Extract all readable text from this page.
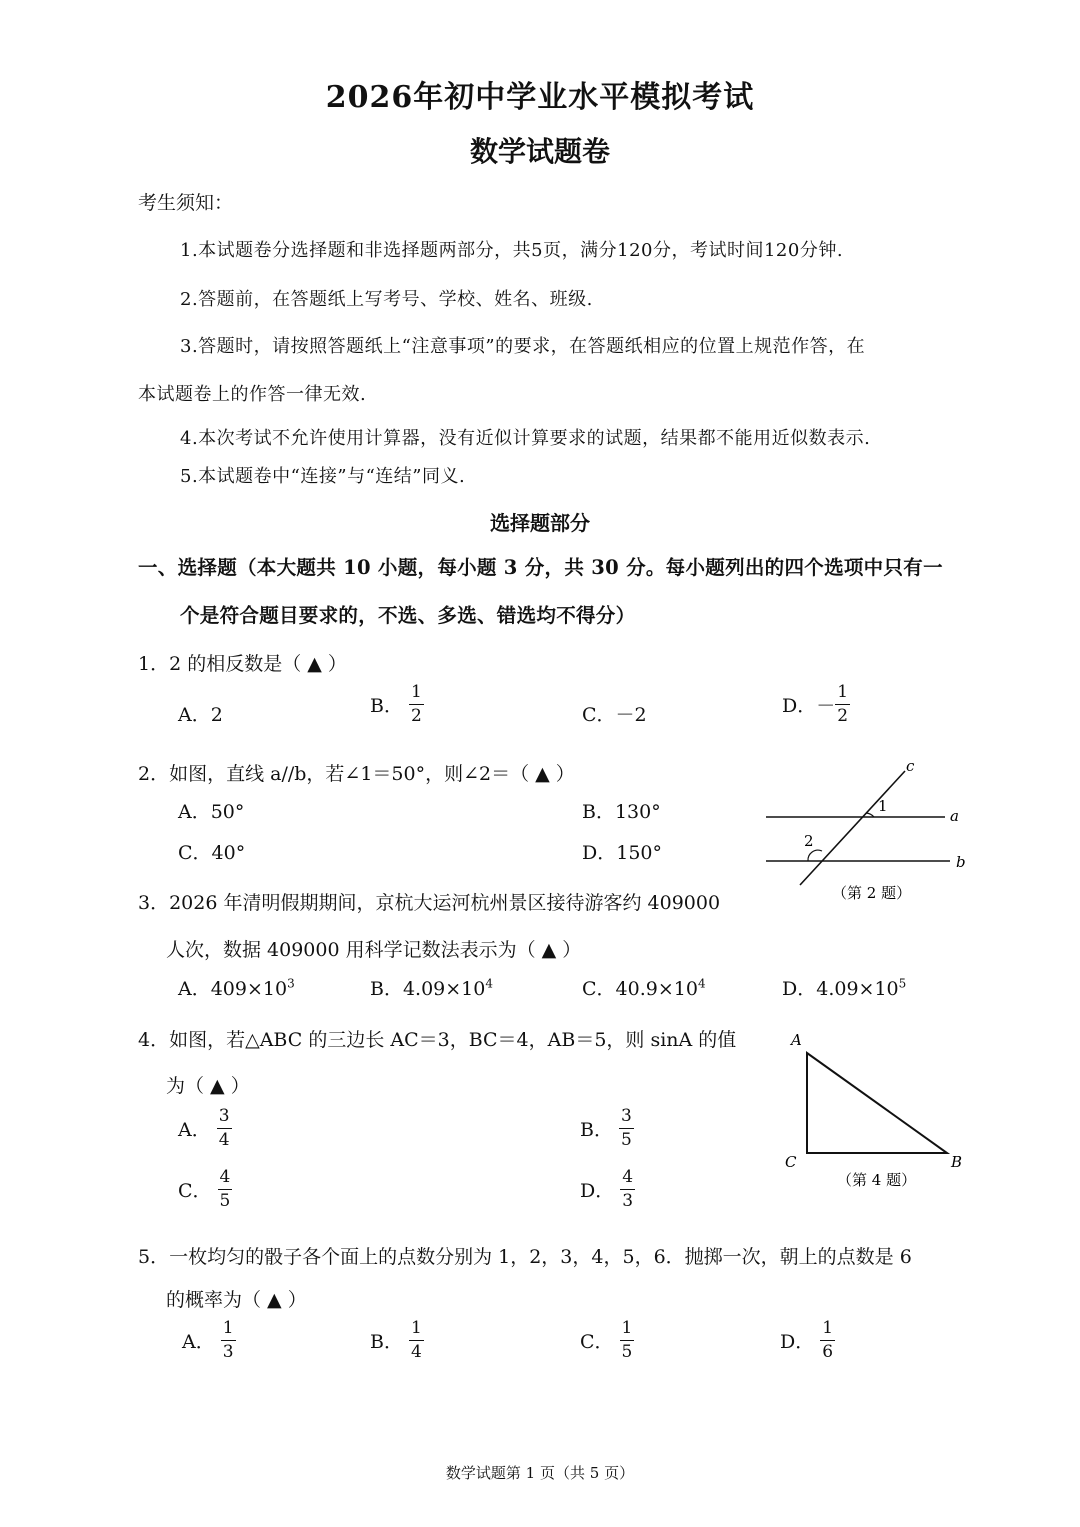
2026年初中学业水平模拟考试
数学试题卷
考生须知：
1.本试题卷分选择题和非选择题两部分，共5页，满分120分，考试时间120分钟.
2.答题前，在答题纸上写考号、学校、姓名、班级.
3.答题时，请按照答题纸上“注意事项”的要求，在答题纸相应的位置上规范作答，在
本试题卷上的作答一律无效.
4.本次考试不允许使用计算器，没有近似计算要求的试题，结果都不能用近似数表示.
5.本试题卷中“连接”与“连结”同义.
选择题部分
一、选择题（本大题共 10 小题，每小题 3 分，共 30 分。每小题列出的四个选项中只有一
个是符合题目要求的，不选、多选、错选均不得分）
1．2 的相反数是（ ▲ ）
A．2	B． $\frac{1}{2}$	C．－2	D．－ $\frac{1}{2}$
2．如图，直线 a//b，若∠1＝50°，则∠2＝（ ▲ ）
A．50°	B．130°
C．40°	D．150°
c
a
b
1
2
（第 2 题）
3．2026 年清明假期期间，京杭大运河杭州景区接待游客约 409000
人次，数据 409000 用科学记数法表示为（ ▲ ）
A．$409\times 10^3$	B．$4.09\times 10^4$	C．$40.9\times 10^4$	D．$4.09\times 10^5$
4．如图，若△ABC 的三边长 AC＝3，BC＝4，AB＝5，则 sinA 的值
为（ ▲ ）
A． $\frac{3}{4}$	B． $\frac{3}{5}$
C． $\frac{4}{5}$	D． $\frac{4}{3}$
A
C	B
（第 4 题）
5．一枚均匀的骰子各个面上的点数分别为 1，2，3，4，5，6．抛掷一次，朝上的点数是 6
的概率为（ ▲ ）
A． $\frac{1}{3}$	B． $\frac{1}{4}$	C． $\frac{1}{5}$	D． $\frac{1}{6}$
数学试题第 1 页（共 5 页）
